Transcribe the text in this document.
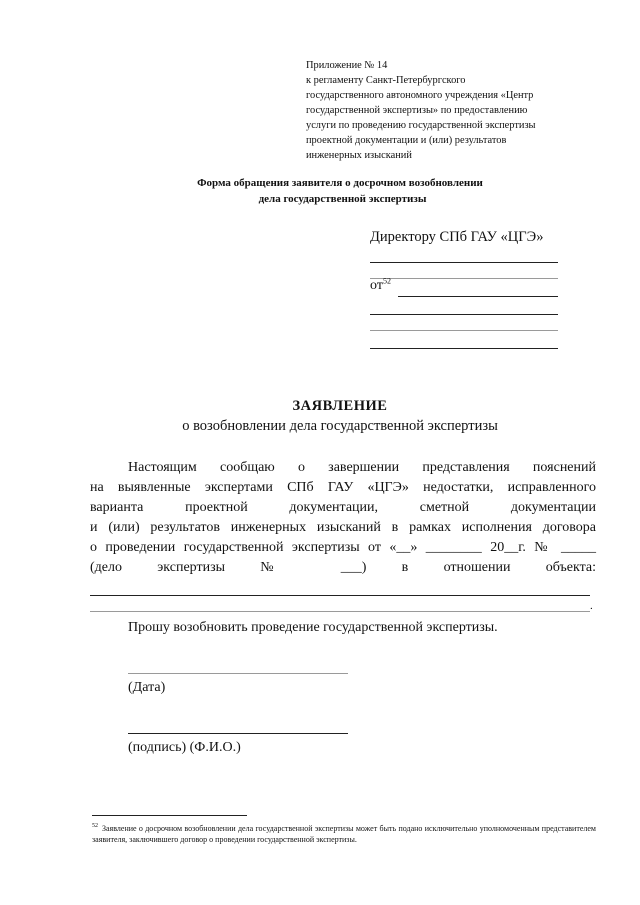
Приложение № 14
к регламенту Санкт-Петербургского
государственного автономного учреждения «Центр
государственной экспертизы» по предоставлению
услуги по проведению государственной экспертизы
проектной документации и (или) результатов
инженерных изысканий
Форма обращения заявителя о досрочном возобновлении
дела государственной экспертизы
Директору СПб ГАУ «ЦГЭ»
$от^{52}$
ЗАЯВЛЕНИЕ
о возобновлении дела государственной экспертизы
Настоящим сообщаю о завершении представления пояснений
на выявленные экспертами СПб ГАУ «ЦГЭ» недостатки, исправленного
варианта проектной документации, сметной документации
и (или) результатов инженерных изысканий в рамках исполнения договора
о проведении государственной экспертизы от «__» ________ 20__г. № _____
(дело экспертизы № ___) в отношении объекта:
.
Прошу возобновить проведение государственной экспертизы.
(Дата)
(подпись) (Ф.И.О.)
$^{52}$ Заявление о досрочном возобновлении дела государственной экспертизы может быть подано исключительно уполномоченным представителем заявителя, заключившего договор о проведении государственной экспертизы.
